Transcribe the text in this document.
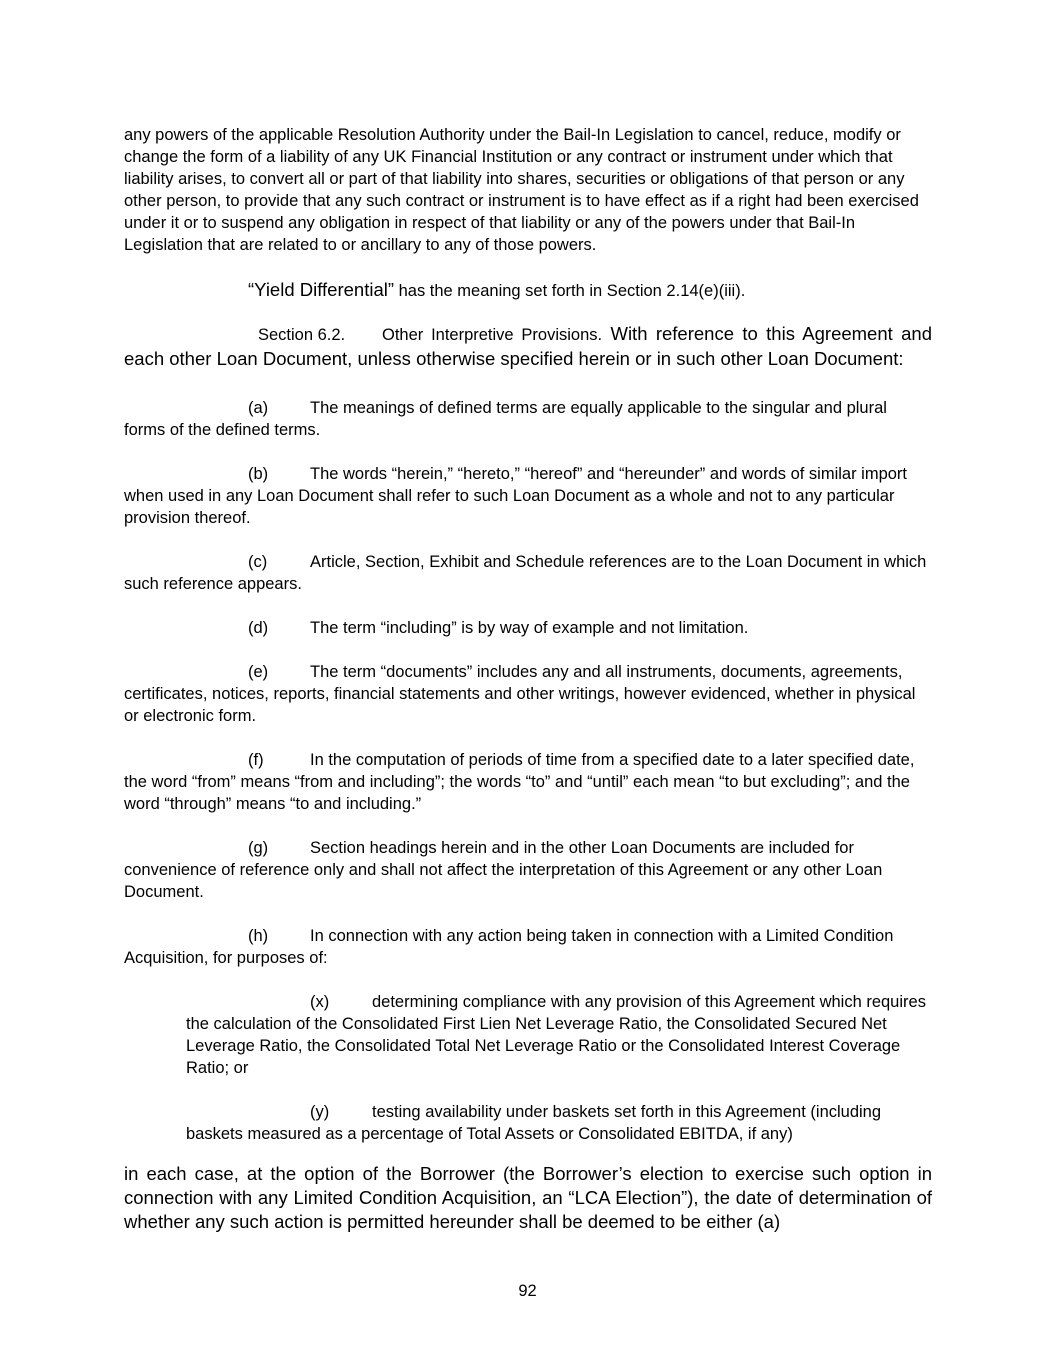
any powers of the applicable Resolution Authority under the Bail-In Legislation to cancel, reduce, modify or change the form of a liability of any UK Financial Institution or any contract or instrument under which that liability arises, to convert all or part of that liability into shares, securities or obligations of that person or any other person, to provide that any such contract or instrument is to have effect as if a right had been exercised under it or to suspend any obligation in respect of that liability or any of the powers under that Bail-In Legislation that are related to or ancillary to any of those powers.

“Yield Differential” has the meaning set forth in Section 2.14(e)(iii).

Section 6.2. Other Interpretive Provisions. With reference to this Agreement and each other Loan Document, unless otherwise specified herein or in such other Loan Document:

(a)	The meanings of defined terms are equally applicable to the singular and plural forms of the defined terms.

(b)	The words “herein,” “hereto,” “hereof” and “hereunder” and words of similar import when used in any Loan Document shall refer to such Loan Document as a whole and not to any particular provision thereof.

(c)	Article, Section, Exhibit and Schedule references are to the Loan Document in which such reference appears.

(d)	The term “including” is by way of example and not limitation.

(e)	The term “documents” includes any and all instruments, documents, agreements, certificates, notices, reports, financial statements and other writings, however evidenced, whether in physical or electronic form.

(f)	In the computation of periods of time from a specified date to a later specified date, the word “from” means “from and including”; the words “to” and “until” each mean “to but excluding”; and the word “through” means “to and including.”

(g)	Section headings herein and in the other Loan Documents are included for convenience of reference only and shall not affect the interpretation of this Agreement or any other Loan Document.

(h)	In connection with any action being taken in connection with a Limited Condition Acquisition, for purposes of:

(x)	determining compliance with any provision of this Agreement which requires the calculation of the Consolidated First Lien Net Leverage Ratio, the Consolidated Secured Net Leverage Ratio, the Consolidated Total Net Leverage Ratio or the Consolidated Interest Coverage Ratio; or

(y)	testing availability under baskets set forth in this Agreement (including baskets measured as a percentage of Total Assets or Consolidated EBITDA, if any)

in each case, at the option of the Borrower (the Borrower’s election to exercise such option in connection with any Limited Condition Acquisition, an “LCA Election”), the date of determination of whether any such action is permitted hereunder shall be deemed to be either (a)

92
